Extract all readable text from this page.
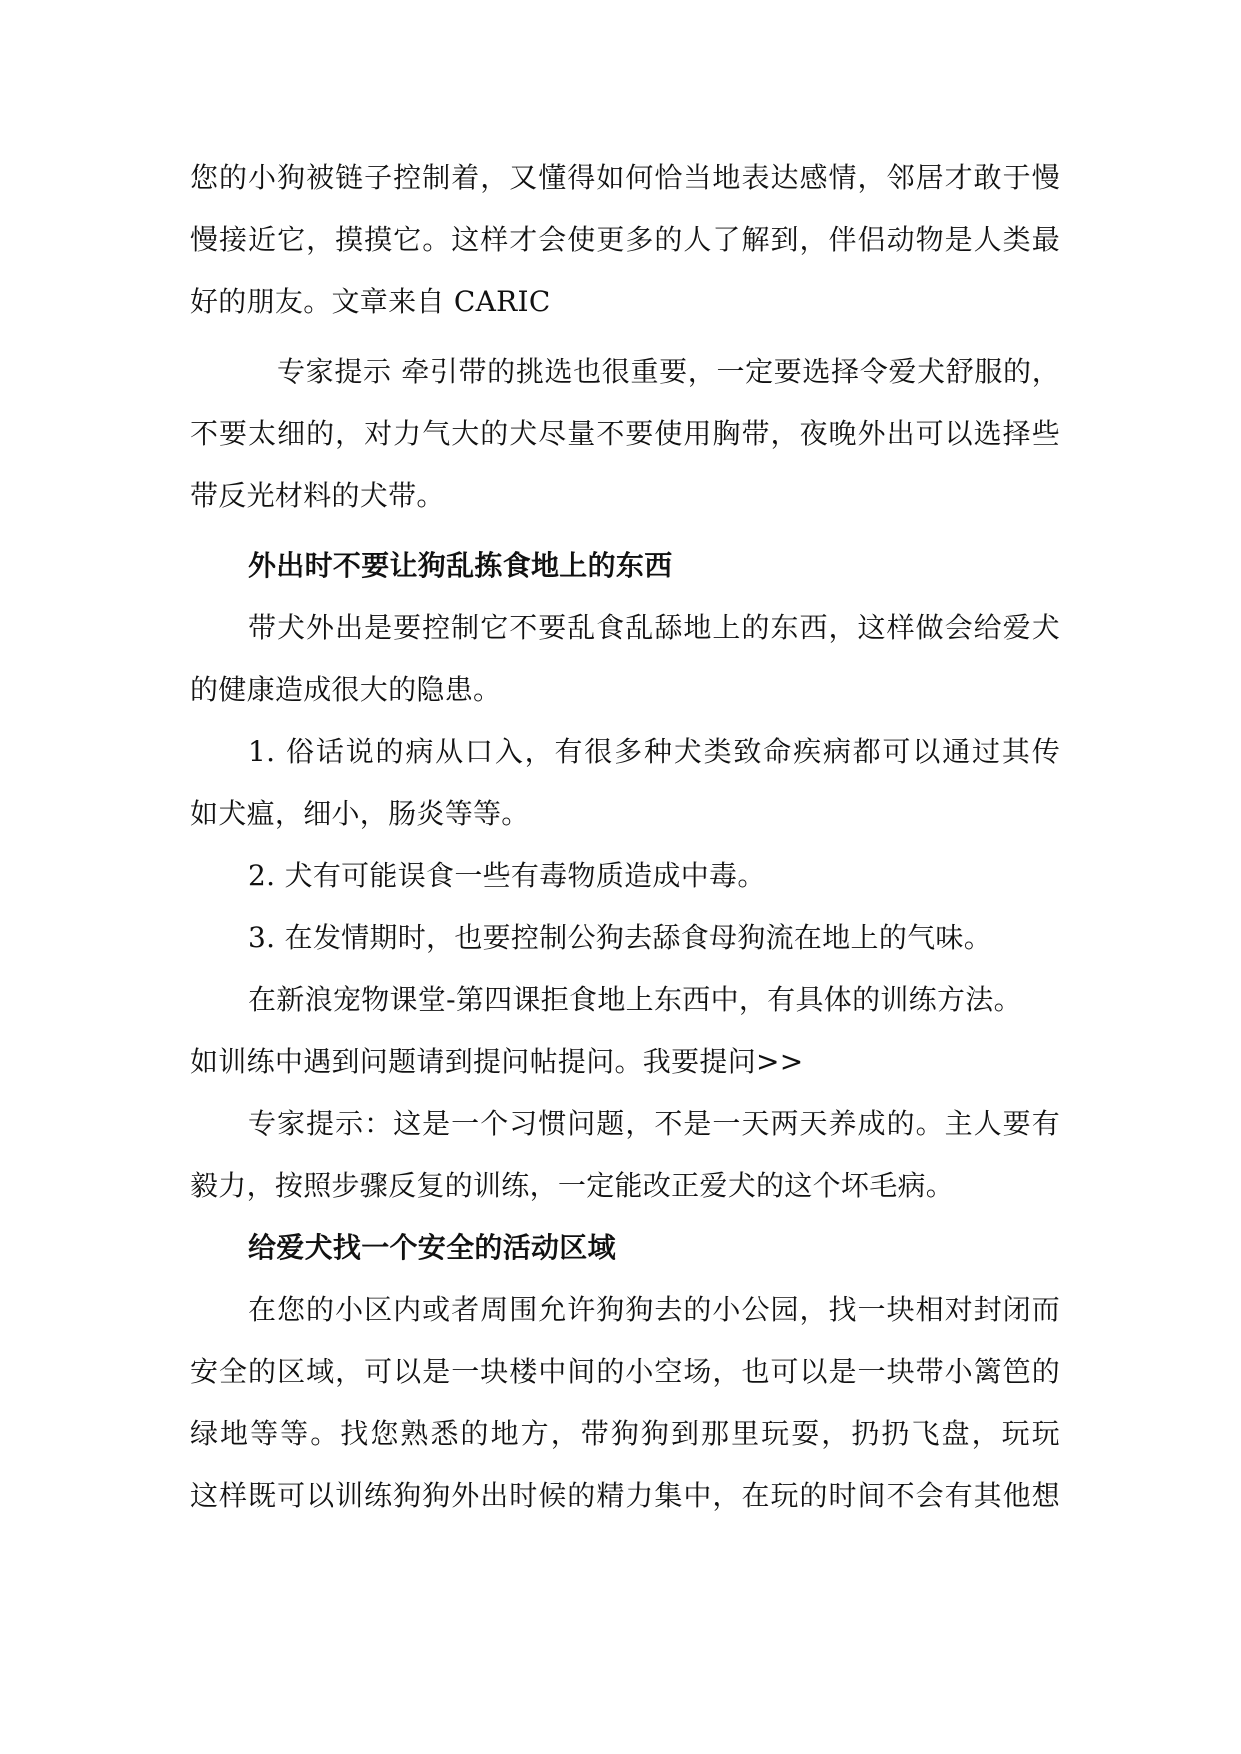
您的小狗被链子控制着，又懂得如何恰当地表达感情，邻居才敢于慢
慢接近它，摸摸它。这样才会使更多的人了解到，伴侣动物是人类最
好的朋友。文章来自 CARIC
专家提示 牵引带的挑选也很重要，一定要选择令爱犬舒服的，
不要太细的，对力气大的犬尽量不要使用胸带，夜晚外出可以选择些
带反光材料的犬带。
外出时不要让狗乱拣食地上的东西
带犬外出是要控制它不要乱食乱舔地上的东西，这样做会给爱犬
的健康造成很大的隐患。
1. 俗话说的病从口入，有很多种犬类致命疾病都可以通过其传
如犬瘟，细小，肠炎等等。
2. 犬有可能误食一些有毒物质造成中毒。
3. 在发情期时，也要控制公狗去舔食母狗流在地上的气味。
在新浪宠物课堂-第四课拒食地上东西中，有具体的训练方法。
如训练中遇到问题请到提问帖提问。我要提问>>
专家提示：这是一个习惯问题，不是一天两天养成的。主人要有
毅力，按照步骤反复的训练，一定能改正爱犬的这个坏毛病。
给爱犬找一个安全的活动区域
在您的小区内或者周围允许狗狗去的小公园，找一块相对封闭而
安全的区域，可以是一块楼中间的小空场，也可以是一块带小篱笆的
绿地等等。找您熟悉的地方，带狗狗到那里玩耍，扔扔飞盘，玩玩
这样既可以训练狗狗外出时候的精力集中，在玩的时间不会有其他想
